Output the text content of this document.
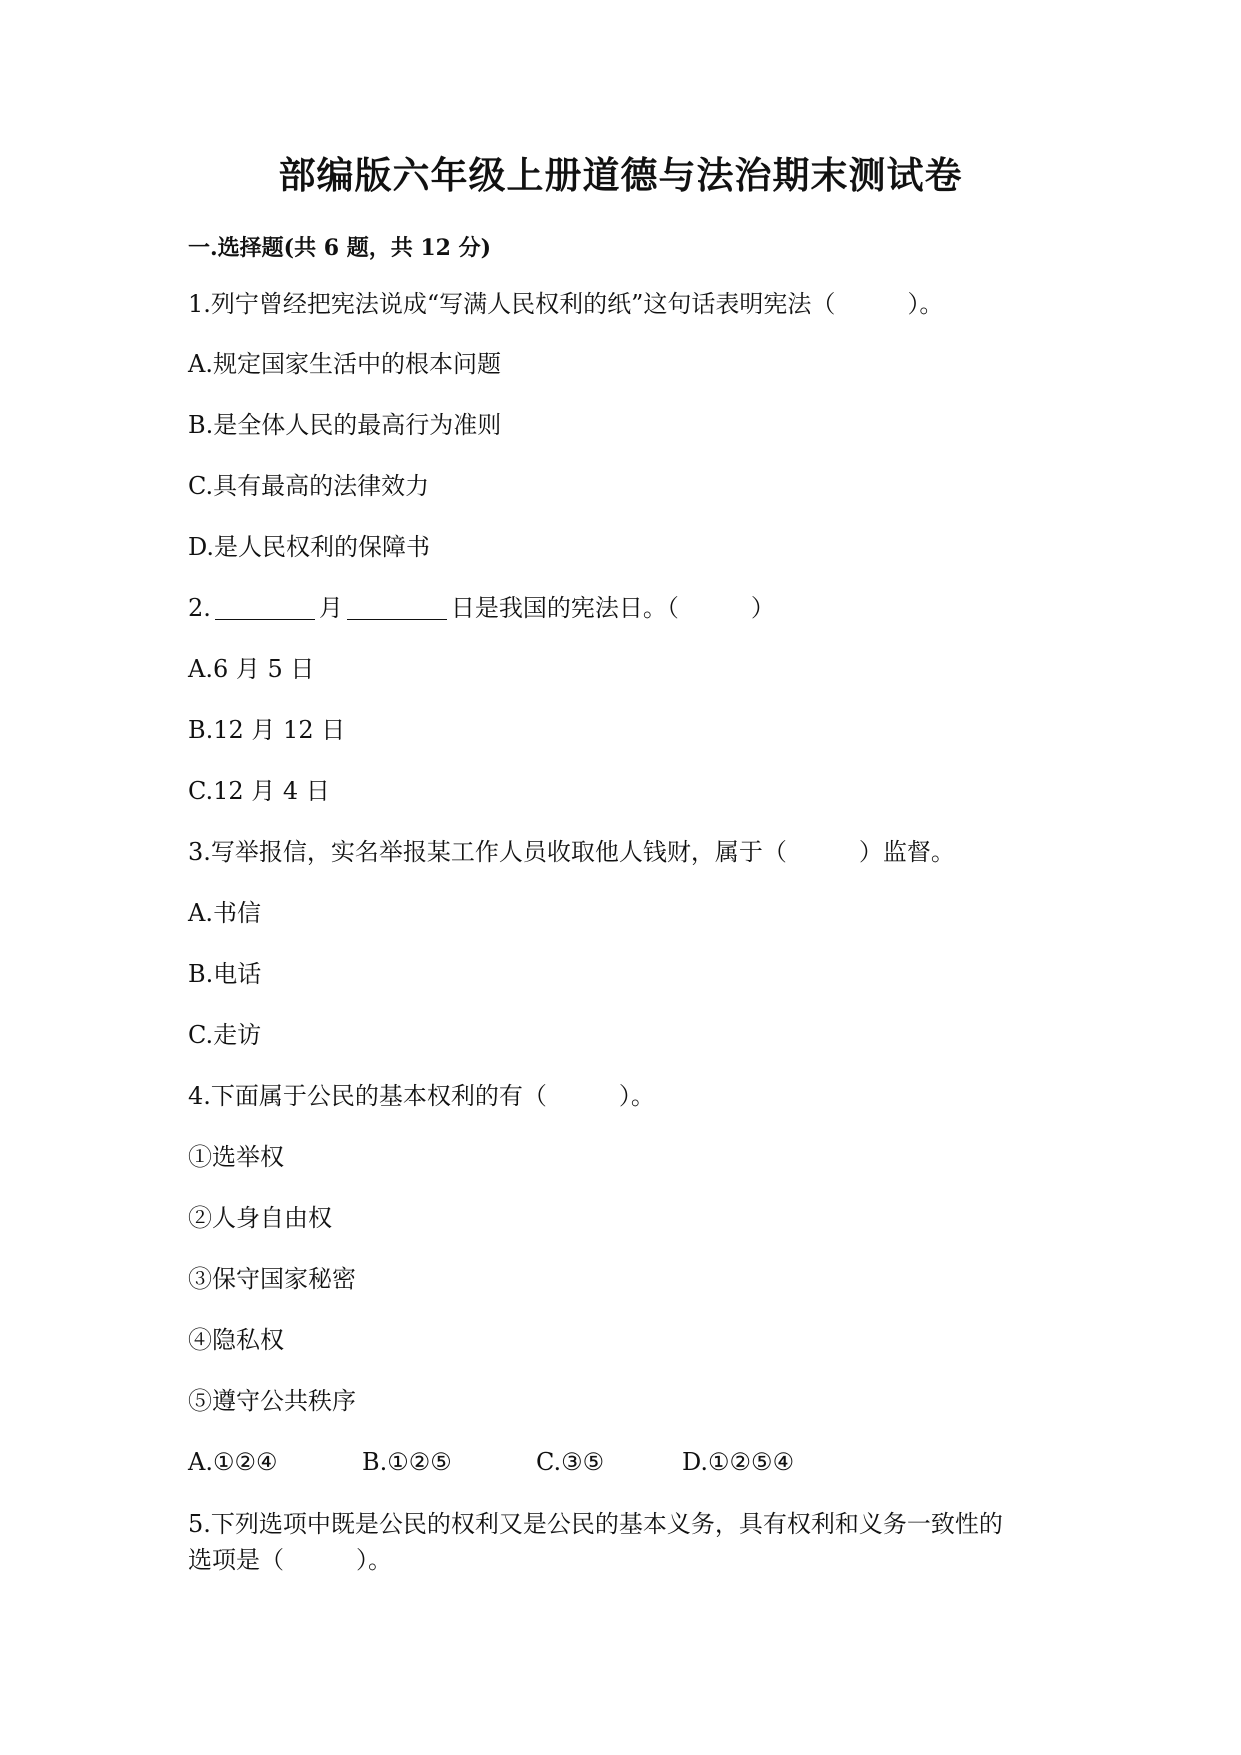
部编版六年级上册道德与法治期末测试卷
一.选择题(共 6 题，共 12 分)
1.列宁曾经把宪法说成“写满人民权利的纸”这句话表明宪法（	）。
A.规定国家生活中的根本问题
B.是全体人民的最高行为准则
C.具有最高的法律效力
D.是人民权利的保障书
2.	月	日是我国的宪法日。（	）
A.6 月 5 日
B.12 月 12 日
C.12 月 4 日
3.写举报信，实名举报某工作人员收取他人钱财，属于（	）监督。
A.书信
B.电话
C.走访
4.下面属于公民的基本权利的有（	）。
①选举权
②人身自由权
③保守国家秘密
④隐私权
⑤遵守公共秩序
A.①②④	B.①②⑤	C.③⑤	D.①②⑤④
5.下列选项中既是公民的权利又是公民的基本义务，具有权利和义务一致性的
选项是（	）。
